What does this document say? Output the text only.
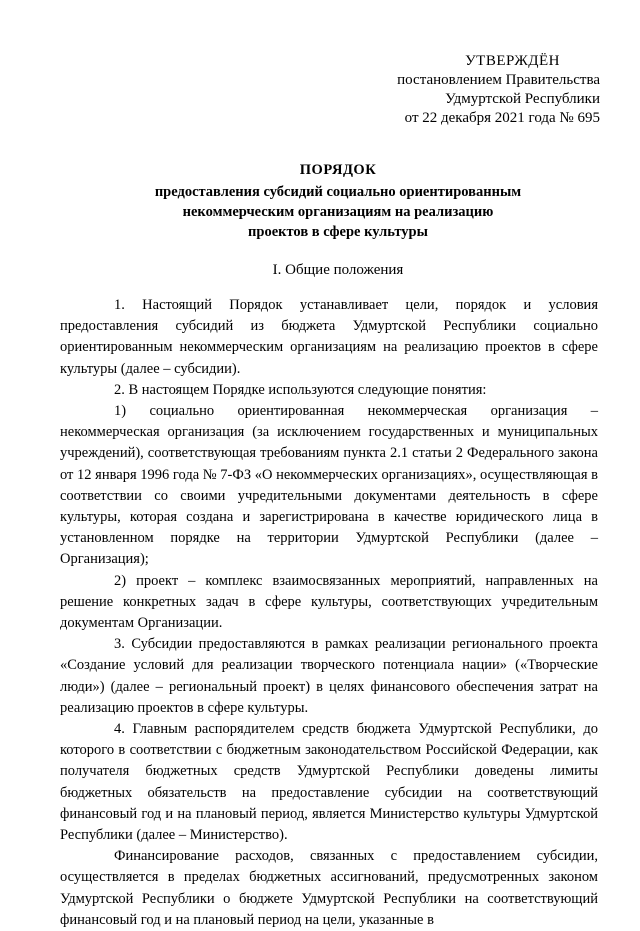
УТВЕРЖДЁН
постановлением Правительства
Удмуртской Республики
от 22 декабря 2021 года № 695
ПОРЯДОК
предоставления субсидий социально ориентированным
некоммерческим организациям на реализацию
проектов в сфере культуры
I. Общие положения

1. Настоящий Порядок устанавливает цели, порядок и условия предоставления субсидий из бюджета Удмуртской Республики социально ориентированным некоммерческим организациям на реализацию проектов в сфере культуры (далее – субсидии).

2. В настоящем Порядке используются следующие понятия:

1) социально ориентированная некоммерческая организация – некоммерческая организация (за исключением государственных и муниципальных учреждений), соответствующая требованиям пункта 2.1 статьи 2 Федерального закона от 12 января 1996 года № 7-ФЗ «О некоммерческих организациях», осуществляющая в соответствии со своими учредительными документами деятельность в сфере культуры, которая создана и зарегистрирована в качестве юридического лица в установленном порядке на территории Удмуртской Республики (далее – Организация);

2) проект – комплекс взаимосвязанных мероприятий, направленных на решение конкретных задач в сфере культуры, соответствующих учредительным документам Организации.

3. Субсидии предоставляются в рамках реализации регионального проекта «Создание условий для реализации творческого потенциала нации» («Творческие люди») (далее – региональный проект) в целях финансового обеспечения затрат на реализацию проектов в сфере культуры.

4. Главным распорядителем средств бюджета Удмуртской Республики, до которого в соответствии с бюджетным законодательством Российской Федерации, как получателя бюджетных средств Удмуртской Республики доведены лимиты бюджетных обязательств на предоставление субсидии на соответствующий финансовый год и на плановый период, является Министерство культуры Удмуртской Республики (далее – Министерство).

Финансирование расходов, связанных с предоставлением субсидии, осуществляется в пределах бюджетных ассигнований, предусмотренных законом Удмуртской Республики о бюджете Удмуртской Республики на соответствующий финансовый год и на плановый период на цели, указанные в
